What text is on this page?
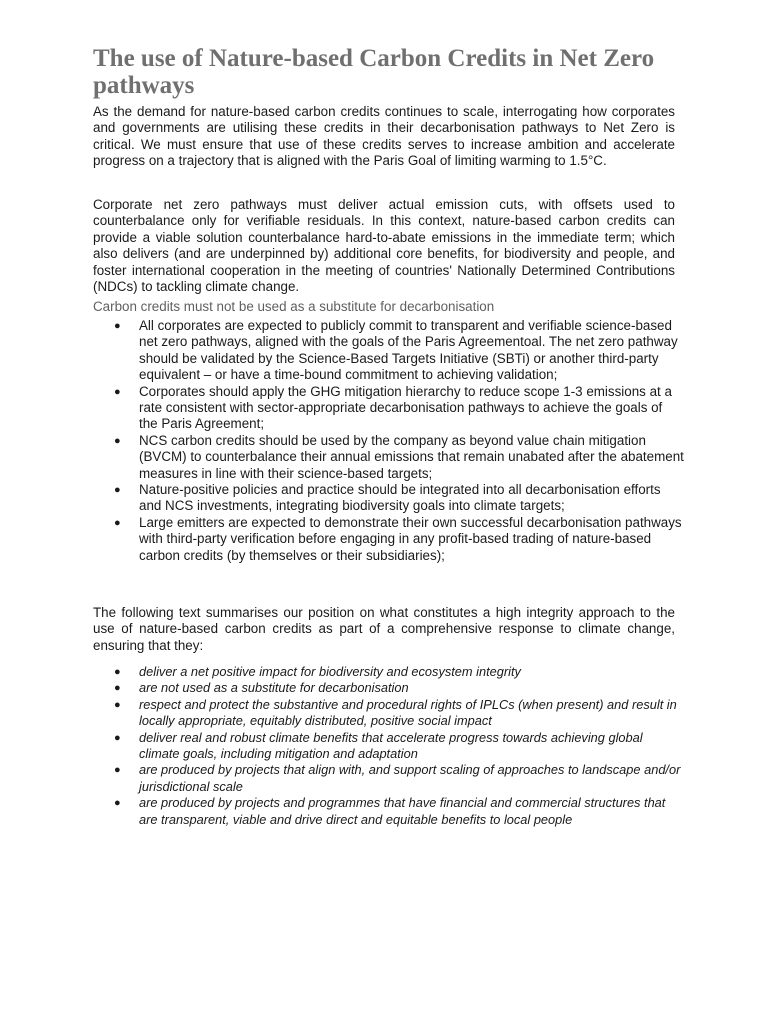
The use of Nature-based Carbon Credits in Net Zero pathways

As the demand for nature-based carbon credits continues to scale, interrogating how corporates and governments are utilising these credits in their decarbonisation pathways to Net Zero is critical. We must ensure that use of these credits serves to increase ambition and accelerate progress on a trajectory that is aligned with the Paris Goal of limiting warming to 1.5°C.

Corporate net zero pathways must deliver actual emission cuts, with offsets used to counterbalance only for verifiable residuals. In this context, nature-based carbon credits can provide a viable solution counterbalance hard-to-abate emissions in the immediate term; which also delivers (and are underpinned by) additional core benefits, for biodiversity and people, and foster international cooperation in the meeting of countries' Nationally Determined Contributions (NDCs) to tackling climate change.

Carbon credits must not be used as a substitute for decarbonisation

● All corporates are expected to publicly commit to transparent and verifiable science-based net zero pathways, aligned with the goals of the Paris Agreementoal. The net zero pathway should be validated by the Science-Based Targets Initiative (SBTi) or another third-party equivalent – or have a time-bound commitment to achieving validation;
● Corporates should apply the GHG mitigation hierarchy to reduce scope 1-3 emissions at a rate consistent with sector-appropriate decarbonisation pathways to achieve the goals of the Paris Agreement;
● NCS carbon credits should be used by the company as beyond value chain mitigation (BVCM) to counterbalance their annual emissions that remain unabated after the abatement measures in line with their science-based targets;
● Nature-positive policies and practice should be integrated into all decarbonisation efforts and NCS investments, integrating biodiversity goals into climate targets;
● Large emitters are expected to demonstrate their own successful decarbonisation pathways with third-party verification before engaging in any profit-based trading of nature-based carbon credits (by themselves or their subsidiaries);

The following text summarises our position on what constitutes a high integrity approach to the use of nature-based carbon credits as part of a comprehensive response to climate change, ensuring that they:

● deliver a net positive impact for biodiversity and ecosystem integrity
● are not used as a substitute for decarbonisation
● respect and protect the substantive and procedural rights of IPLCs (when present) and result in locally appropriate, equitably distributed, positive social impact
● deliver real and robust climate benefits that accelerate progress towards achieving global climate goals, including mitigation and adaptation
● are produced by projects that align with, and support scaling of approaches to landscape and/or jurisdictional scale
● are produced by projects and programmes that have financial and commercial structures that are transparent, viable and drive direct and equitable benefits to local people
